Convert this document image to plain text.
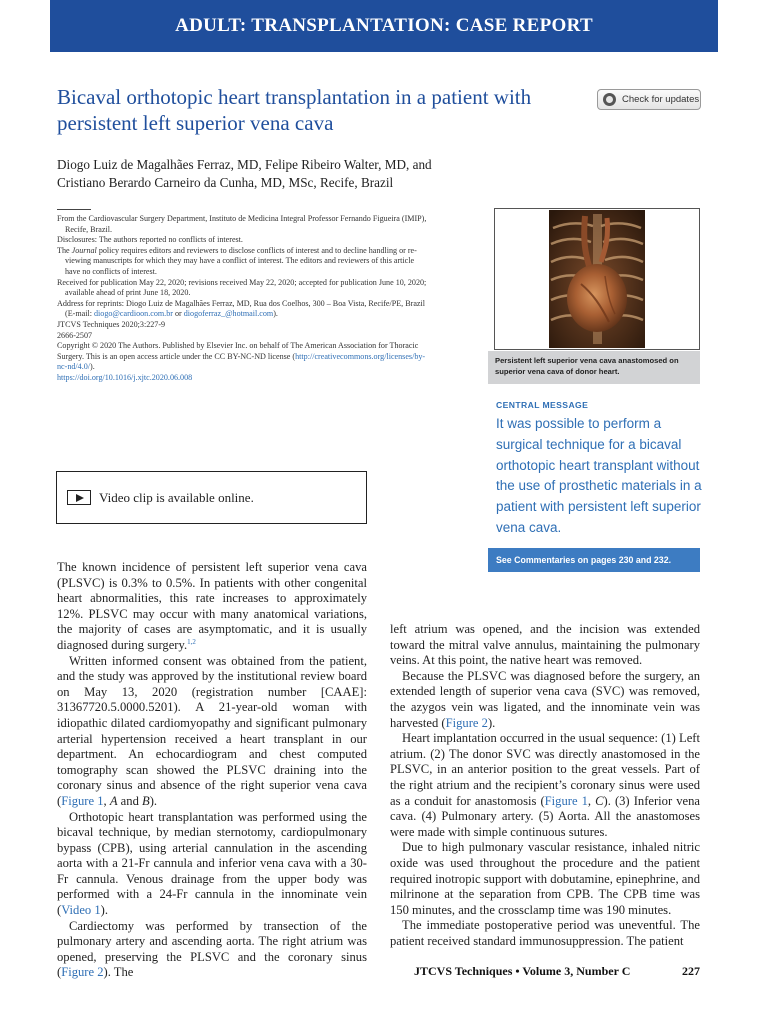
ADULT: TRANSPLANTATION: CASE REPORT
Bicaval orthotopic heart transplantation in a patient with persistent left superior vena cava
Check for updates
Diogo Luiz de Magalhães Ferraz, MD, Felipe Ribeiro Walter, MD, and
Cristiano Berardo Carneiro da Cunha, MD, MSc, Recife, Brazil

From the Cardiovascular Surgery Department, Instituto de Medicina Integral Professor Fernando Figueira (IMIP),

Recife, Brazil.

Disclosures: The authors reported no conflicts of interest.

The Journal policy requires editors and reviewers to disclose conflicts of interest and to decline handling or re-

viewing manuscripts for which they may have a conflict of interest. The editors and reviewers of this article

have no conflicts of interest.

Received for publication May 22, 2020; revisions received May 22, 2020; accepted for publication June 10, 2020;

available ahead of print June 18, 2020.

Address for reprints: Diogo Luiz de Magalhães Ferraz, MD, Rua dos Coelhos, 300 – Boa Vista, Recife/PE, Brazil

(E-mail: diogo@cardioon.com.br or diogoferraz_@hotmail.com).

JTCVS Techniques 2020;3:227-9

2666-2507

Copyright © 2020 The Authors. Published by Elsevier Inc. on behalf of The American Association for Thoracic

Surgery. This is an open access article under the CC BY-NC-ND license (http://creativecommons.org/licenses/by-

nc-nd/4.0/).

https://doi.org/10.1016/j.xjtc.2020.06.008

Video clip is available online.
Persistent left superior vena cava anastomosed on superior vena cava of donor heart.
CENTRAL MESSAGE
It was possible to perform a surgical technique for a bicaval orthotopic heart transplant without the use of prosthetic materials in a patient with persistent left superior vena cava.
See Commentaries on pages 230 and 232.

The known incidence of persistent left superior vena cava (PLSVC) is 0.3% to 0.5%. In patients with other congenital heart abnormalities, this rate increases to approximately 12%. PLSVC may occur with many anatomical variations, the majority of cases are asymptomatic, and it is usually diagnosed during surgery.$^{1,2}$

Written informed consent was obtained from the patient, and the study was approved by the institutional review board on May 13, 2020 (registration number [CAAE]: 31367720.5.0000.5201). A 21-year-old woman with idiopathic dilated cardiomyopathy and significant pulmonary arterial hypertension received a heart transplant in our department. An echocardiogram and chest computed tomography scan showed the PLSVC draining into the coronary sinus and absence of the right superior vena cava (Figure 1, A and B).

Orthotopic heart transplantation was performed using the bicaval technique, by median sternotomy, cardiopulmonary bypass (CPB), using arterial cannulation in the ascending aorta with a 21-Fr cannula and inferior vena cava with a 30-Fr cannula. Venous drainage from the upper body was performed with a 24-Fr cannula in the innominate vein (Video 1).

Cardiectomy was performed by transection of the pulmonary artery and ascending aorta. The right atrium was opened, preserving the PLSVC and the coronary sinus (Figure 2). The

left atrium was opened, and the incision was extended toward the mitral valve annulus, maintaining the pulmonary veins. At this point, the native heart was removed.

Because the PLSVC was diagnosed before the surgery, an extended length of superior vena cava (SVC) was removed, the azygos vein was ligated, and the innominate vein was harvested (Figure 2).

Heart implantation occurred in the usual sequence: (1) Left atrium. (2) The donor SVC was directly anastomosed in the PLSVC, in an anterior position to the great vessels. Part of the right atrium and the recipient’s coronary sinus were used as a conduit for anastomosis (Figure 1, C). (3) Inferior vena cava. (4) Pulmonary artery. (5) Aorta. All the anastomoses were made with simple continuous sutures.

Due to high pulmonary vascular resistance, inhaled nitric oxide was used throughout the procedure and the patient required inotropic support with dobutamine, epinephrine, and milrinone at the separation from CPB. The CPB time was 150 minutes, and the crossclamp time was 190 minutes.

The immediate postoperative period was uneventful. The patient received standard immunosuppression. The patient

JTCVS Techniques • Volume 3, Number C	227
